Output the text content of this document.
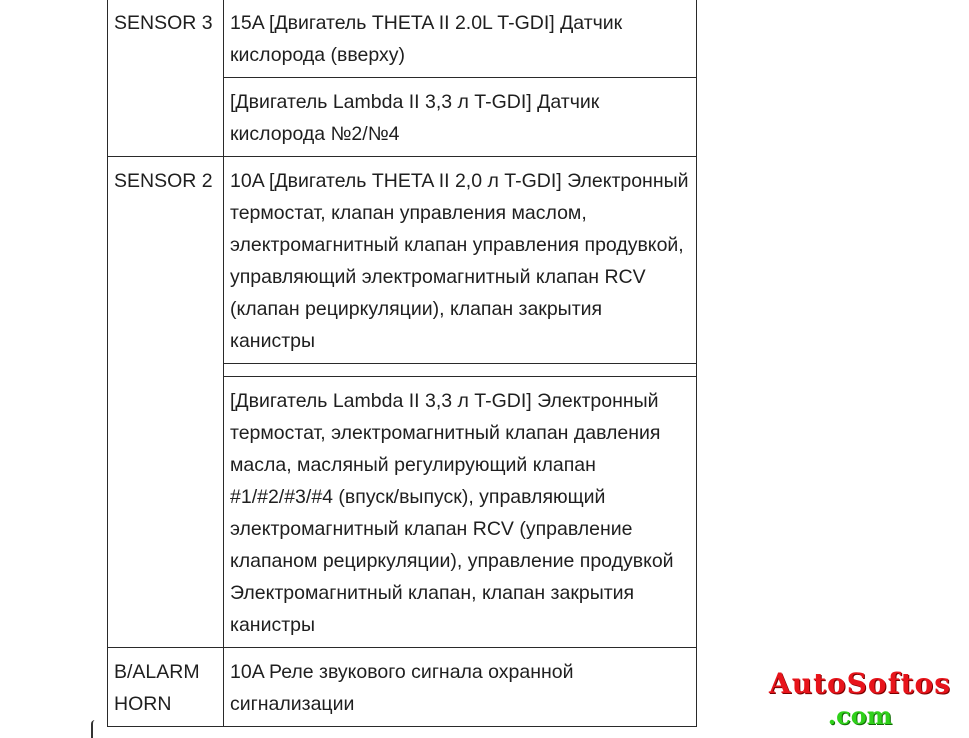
SENSOR 3	15A [Двигатель THETA II 2.0L T-GDI] Датчик кислорода (вверху)
	[Двигатель Lambda II 3,3 л T-GDI] Датчик кислорода №2/№4
SENSOR 2	10A [Двигатель THETA II 2,0 л T-GDI] Электронный термостат, клапан управления маслом, электромагнитный клапан управления продувкой, управляющий электромагнитный клапан RCV (клапан рециркуляции), клапан закрытия канистры

	[Двигатель Lambda II 3,3 л T-GDI] Электронный термостат, электромагнитный клапан давления масла, масляный регулирующий клапан #1/#2/#3/#4 (впуск/выпуск), управляющий электромагнитный клапан RCV (управление клапаном рециркуляции), управление продувкой Электромагнитный клапан, клапан закрытия канистры
B/ALARM HORN	10A Реле звукового сигнала охранной сигнализации
AutoSoftos
.com
